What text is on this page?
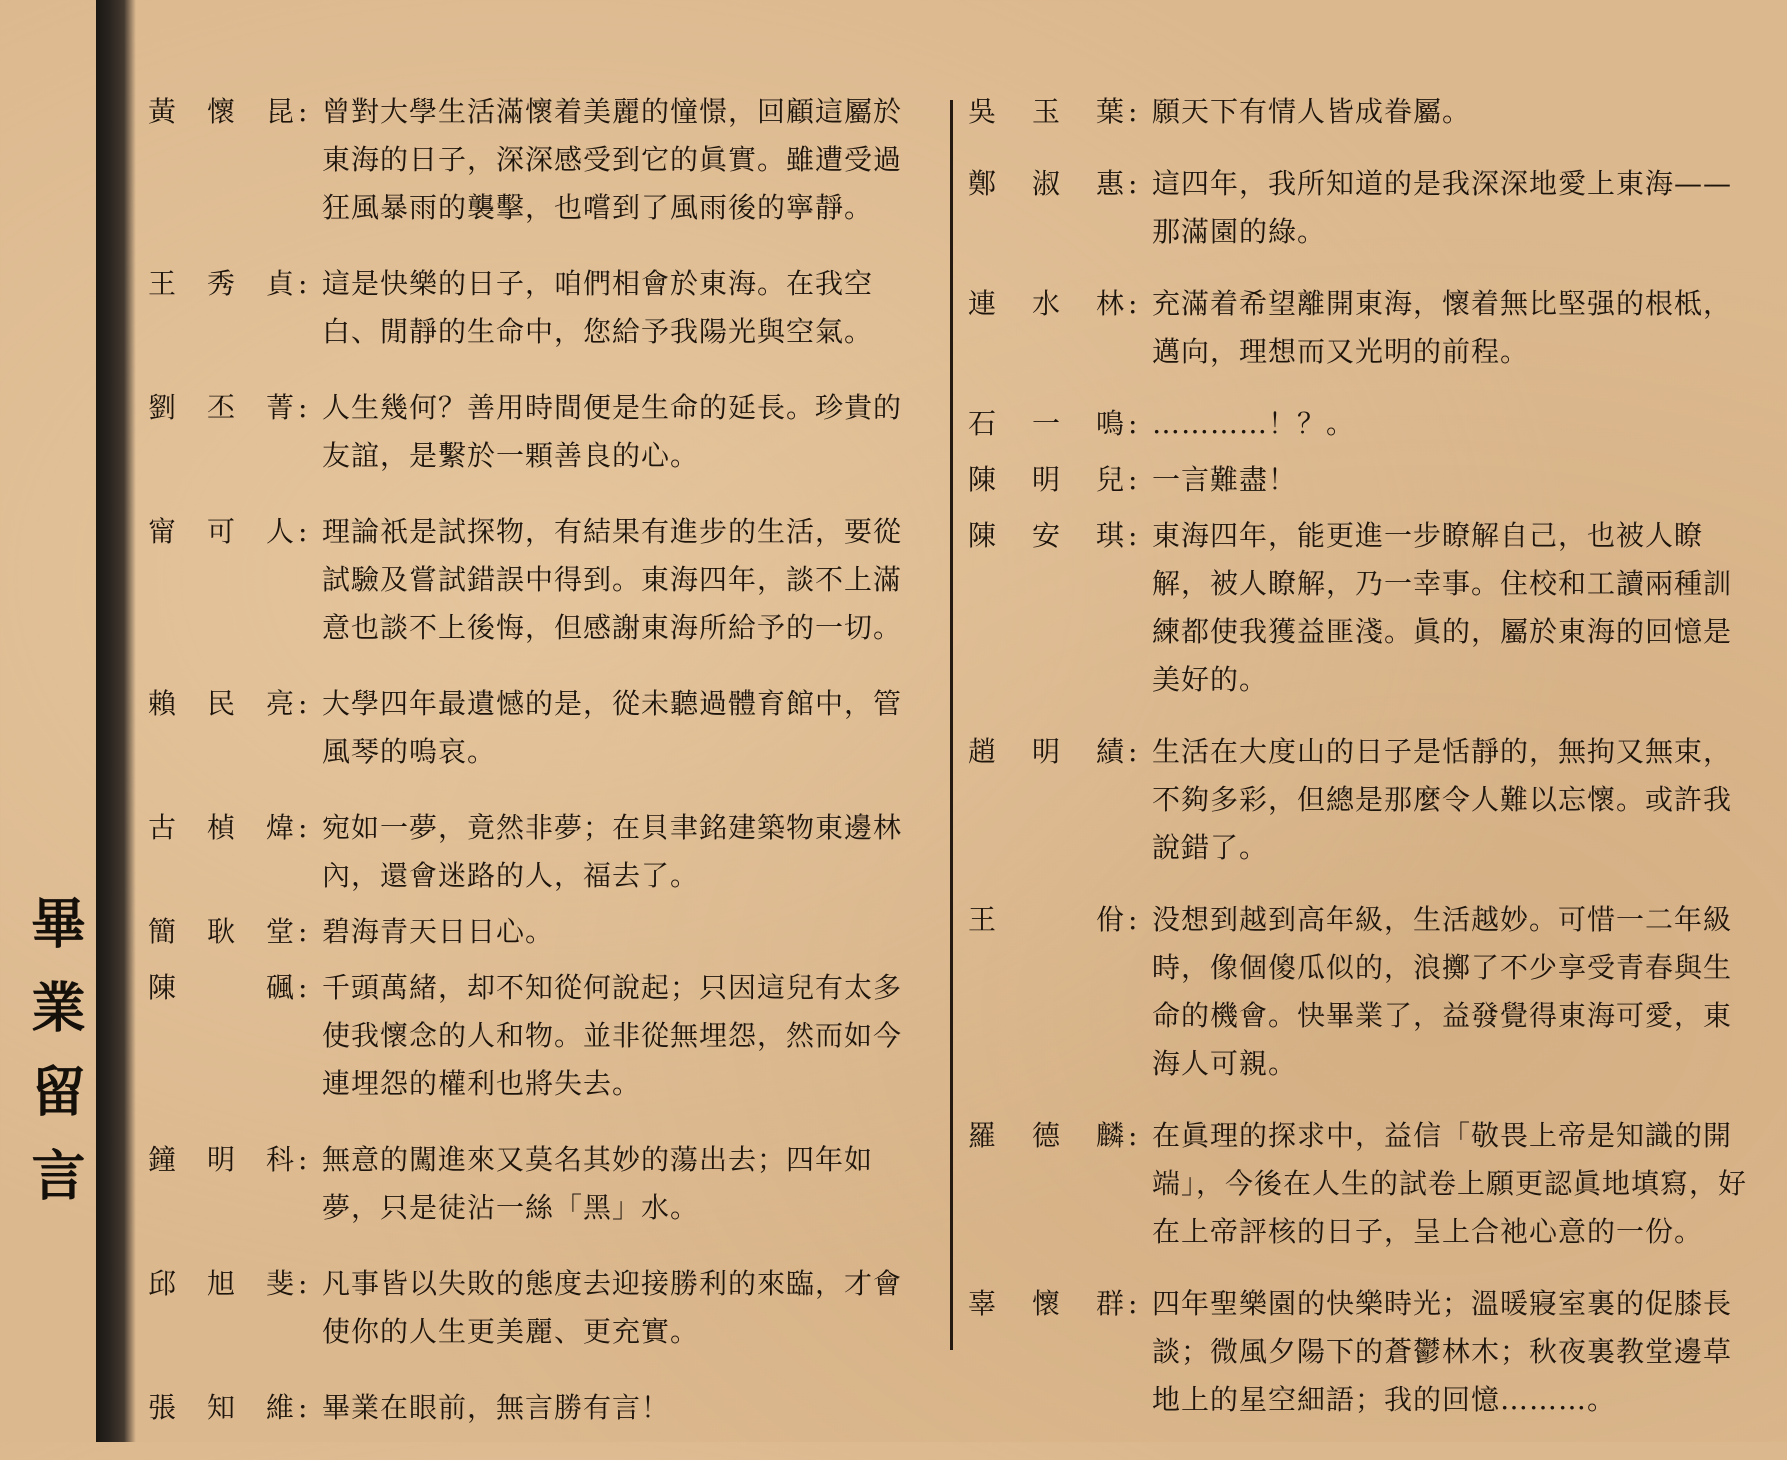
畢業留言
黃 懷 昆 : 曾對大學生活滿懷着美麗的憧憬，回顧這屬於東海的日子，深深感受到它的眞實。雖遭受過狂風暴雨的襲擊，也嚐到了風雨後的寧靜。
王 秀 貞 : 這是快樂的日子，咱們相會於東海。在我空白、閒靜的生命中，您給予我陽光與空氣。
劉 丕 菁 : 人生幾何？善用時間便是生命的延長。珍貴的友誼，是繫於一顆善良的心。
甯 可 人 : 理論祇是試探物，有結果有進步的生活，要從試驗及嘗試錯誤中得到。東海四年，談不上滿意也談不上後悔，但感謝東海所給予的一切。
賴 民 亮 : 大學四年最遺憾的是，從未聽過體育館中，管風琴的嗚哀。
古 楨 煒 : 宛如一夢，竟然非夢；在貝聿銘建築物東邊林內，還會迷路的人，福去了。
簡 耿 堂 : 碧海青天日日心。
陳	碸 : 千頭萬緒，却不知從何說起；只因這兒有太多使我懷念的人和物。並非從無埋怨，然而如今連埋怨的權利也將失去。
鐘 明 科 : 無意的闖進來又莫名其妙的蕩出去；四年如夢，只是徒沾一絲「黑」水。
邱 旭 斐 : 凡事皆以失敗的態度去迎接勝利的來臨，才會使你的人生更美麗、更充實。
張 知 維 : 畢業在眼前，無言勝有言！
吳 玉 葉 : 願天下有情人皆成眷屬。
鄭 淑 惠 : 這四年，我所知道的是我深深地愛上東海——那滿園的綠。
連 水 林 : 充滿着希望離開東海，懷着無比堅强的根柢，邁向，理想而又光明的前程。
石 一 鳴 : …………！？。
陳 明 兒 : 一言難盡！
陳 安 琪 : 東海四年，能更進一步瞭解自己，也被人瞭解，被人瞭解，乃一幸事。住校和工讀兩種訓練都使我獲益匪淺。眞的，屬於東海的回憶是美好的。
趙 明 績 : 生活在大度山的日子是恬靜的，無拘又無束，不夠多彩，但總是那麼令人難以忘懷。或許我說錯了。
王	佾 : 没想到越到高年級，生活越妙。可惜一二年級時，像個傻瓜似的，浪擲了不少享受青春與生命的機會。快畢業了，益發覺得東海可愛，東海人可親。
羅 德 麟 : 在眞理的探求中，益信「敬畏上帝是知識的開端」，今後在人生的試卷上願更認眞地填寫，好在上帝評核的日子，呈上合祂心意的一份。
辜 懷 群 : 四年聖樂園的快樂時光；溫暖寢室裏的促膝長談；微風夕陽下的蒼鬱林木；秋夜裏教堂邊草地上的星空細語；我的回憶………。
